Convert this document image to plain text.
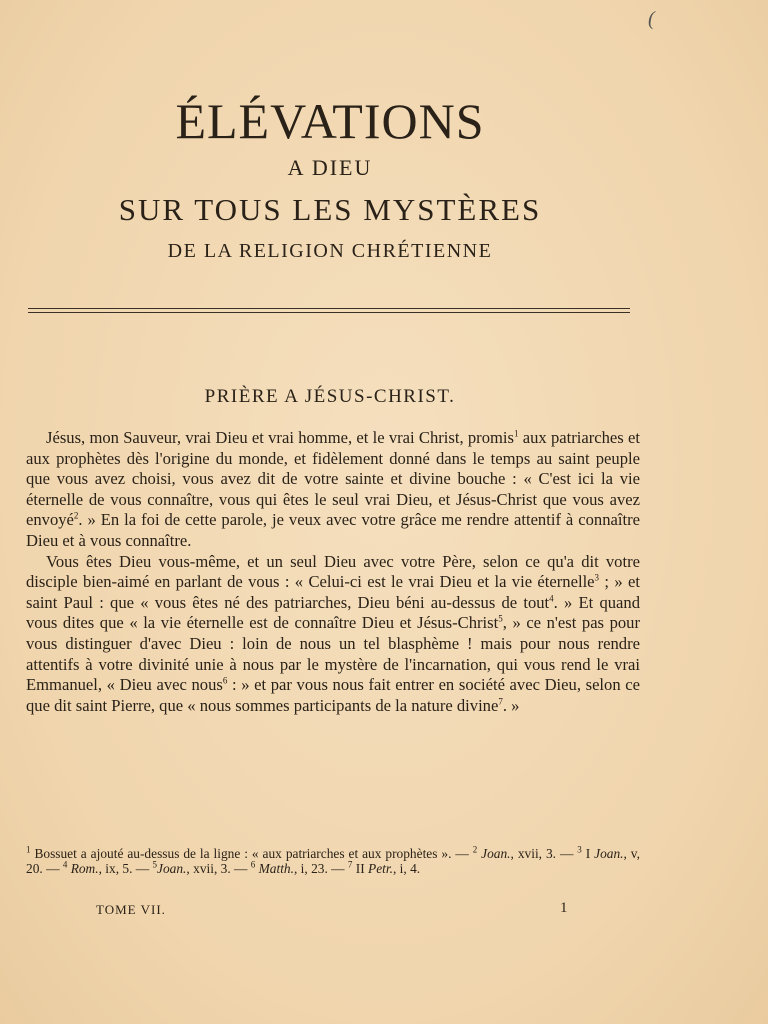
(
ÉLÉVATIONS
A DIEU
SUR TOUS LES MYSTÈRES
DE LA RELIGION CHRÉTIENNE
PRIÈRE A JÉSUS-CHRIST.

Jésus, mon Sauveur, vrai Dieu et vrai homme, et le vrai Christ, promis$^1$ aux patriarches et aux prophètes dès l'origine du monde, et fidèlement donné dans le temps au saint peuple que vous avez choisi, vous avez dit de votre sainte et divine bouche : « C'est ici la vie éternelle de vous connaître, vous qui êtes le seul vrai Dieu, et Jésus-Christ que vous avez envoyé$^2$. » En la foi de cette parole, je veux avec votre grâce me rendre attentif à connaître Dieu et à vous connaître.

Vous êtes Dieu vous-même, et un seul Dieu avec votre Père, selon ce qu'a dit votre disciple bien-aimé en parlant de vous : « Celui-ci est le vrai Dieu et la vie éternelle$^3$ ; » et saint Paul : que « vous êtes né des patriarches, Dieu béni au-dessus de tout$^4$. » Et quand vous dites que « la vie éternelle est de connaître Dieu et Jésus-Christ$^5$, » ce n'est pas pour vous distinguer d'avec Dieu : loin de nous un tel blasphème ! mais pour nous rendre attentifs à votre divinité unie à nous par le mystère de l'incarnation, qui vous rend le vrai Emmanuel, « Dieu avec nous$^6$ : » et par vous nous fait entrer en société avec Dieu, selon ce que dit saint Pierre, que « nous sommes participants de la nature divine$^7$. »

$^1$ Bossuet a ajouté au-dessus de la ligne : « aux patriarches et aux prophètes ». — $^2$ Joan., xvii, 3. — $^3$ I Joan., v, 20. — $^4$ Rom., ix, 5. — $^5$Joan., xvii, 3. — $^6$ Matth., i, 23. — $^7$ II Petr., i, 4.
TOME VII.	1
